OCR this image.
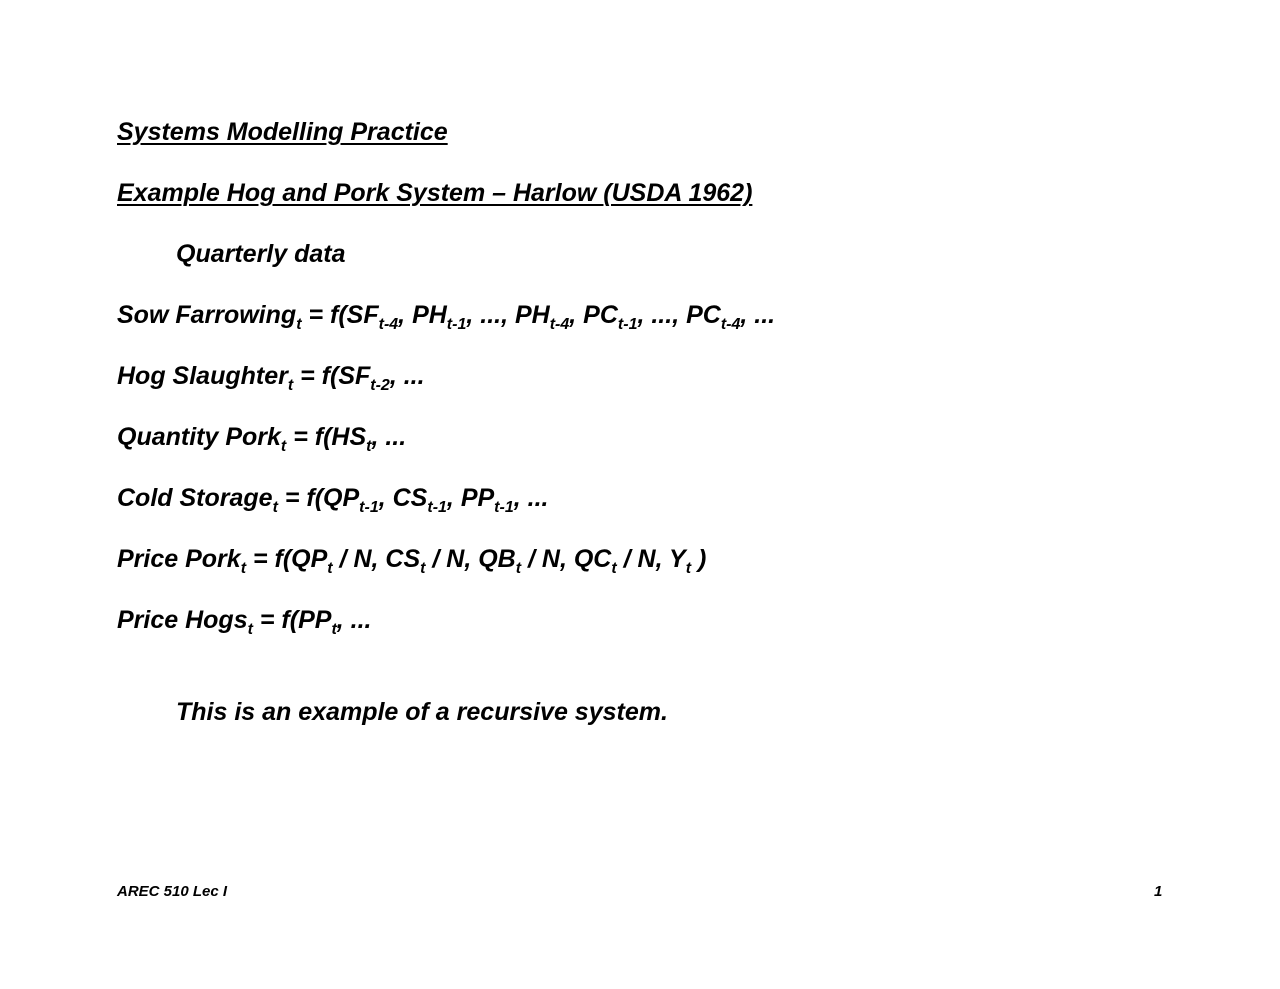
Systems Modelling Practice
Example Hog and Pork System – Harlow (USDA 1962)
Quarterly data
Sow Farrowing$_t$ = $f(SF_{t-4}$, $PH_{t-1}$, ..., $PH_{t-4}$, $PC_{t-1}$, ..., $PC_{t-4}$, ...
Hog Slaughter$_t$ = $f(SF_{t-2}$, ...
Quantity Pork$_t$ = $f(HS_t$, ...
Cold Storage$_t$ = $f(QP_{t-1}$, $CS_{t-1}$, $PP_{t-1}$, ...
Price Pork$_t$ = $f(QP_t$ / N, $CS_t$ / N, $QB_t$ / N, $QC_t$ / N, $Y_t$ )
Price Hogs$_t$ = $f(PP_t$, ...
This is an example of a recursive system.
AREC 510 Lec I	1
